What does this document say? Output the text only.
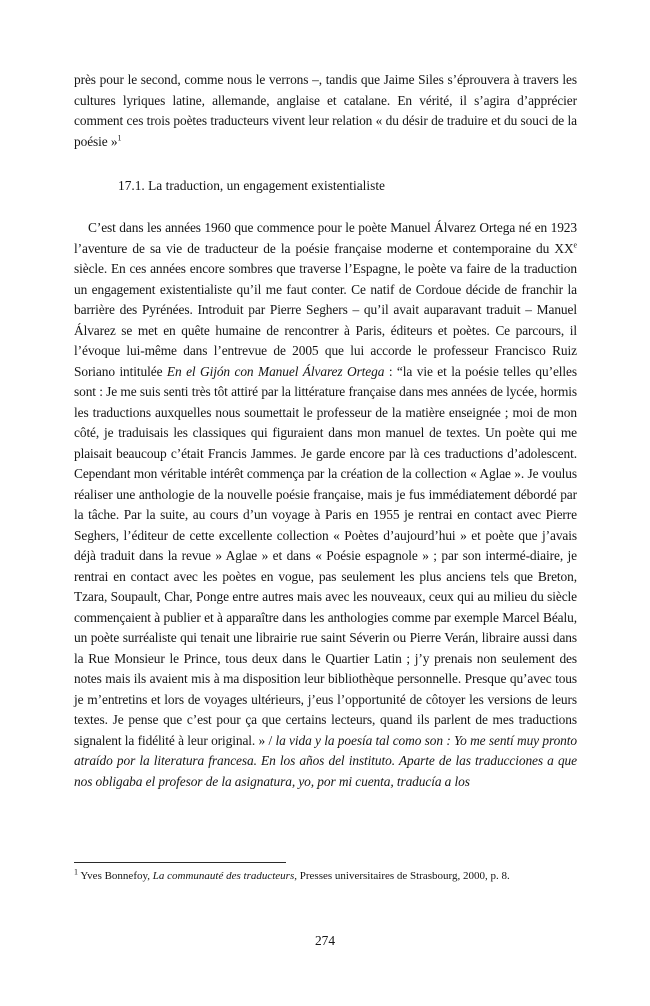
près pour le second, comme nous le verrons –, tandis que Jaime Siles s’éprouvera à travers les cultures lyriques latine, allemande, anglaise et catalane. En vérité, il s’agira d’apprécier comment ces trois poètes traducteurs vivent leur relation « du désir de traduire et du souci de la poésie »$^1$

17.1. La traduction, un engagement existentialiste

C’est dans les années 1960 que commence pour le poète Manuel Álvarez Ortega né en 1923 l’aventure de sa vie de traducteur de la poésie française moderne et contemporaine du XXe siècle. En ces années encore sombres que traverse l’Espagne, le poète va faire de la traduction un engagement existentialiste qu’il me faut conter. Ce natif de Cordoue décide de franchir la barrière des Pyrénées. Introduit par Pierre Seghers – qu’il avait auparavant traduit – Manuel Álvarez se met en quête humaine de rencontrer à Paris, éditeurs et poètes. Ce parcours, il l’évoque lui-même dans l’entrevue de 2005 que lui accorde le professeur Francisco Ruiz Soriano intitulée En el Gijón con Manuel Álvarez Ortega : “la vie et la poésie telles qu’elles sont : Je me suis senti très tôt attiré par la littérature française dans mes années de lycée, hormis les traductions auxquelles nous soumettait le professeur de la matière enseignée ; moi de mon côté, je traduisais les classiques qui figuraient dans mon manuel de textes. Un poète qui me plaisait beaucoup c’était Francis Jammes. Je garde encore par là ces traductions d’adolescent. Cependant mon véritable intérêt commença par la création de la collection « Aglae ». Je voulus réaliser une anthologie de la nouvelle poésie française, mais je fus immédiatement débordé par la tâche. Par la suite, au cours d’un voyage à Paris en 1955 je rentrai en contact avec Pierre Seghers, l’éditeur de cette excellente collection « Poètes d’aujourd’hui » et poète que j’avais déjà traduit dans la revue » Aglae » et dans « Poésie espagnole » ; par son intermé-diaire, je rentrai en contact avec les poètes en vogue, pas seulement les plus anciens tels que Breton, Tzara, Soupault, Char, Ponge entre autres mais avec les nouveaux, ceux qui au milieu du siècle commençaient à publier et à apparaître dans les anthologies comme par exemple Marcel Béalu, un poète surréaliste qui tenait une librairie rue saint Séverin ou Pierre Verán, libraire aussi dans la Rue Monsieur le Prince, tous deux dans le Quartier Latin ; j’y prenais non seulement des notes mais ils avaient mis à ma disposition leur bibliothèque personnelle. Presque qu’avec tous je m’entretins et lors de voyages ultérieurs, j’eus l’opportunité de côtoyer les versions de leurs textes. Je pense que c’est pour ça que certains lecteurs, quand ils parlent de mes traductions signalent la fidélité à leur original. » / la vida y la poesía tal como son : Yo me sentí muy pronto atraído por la literatura francesa. En los años del instituto. Aparte de las traducciones a que nos obligaba el profesor de la asignatura, yo, por mi cuenta, traducía a los

$^1$ Yves Bonnefoy, La communauté des traducteurs, Presses universitaires de Strasbourg, 2000, p. 8.

274
